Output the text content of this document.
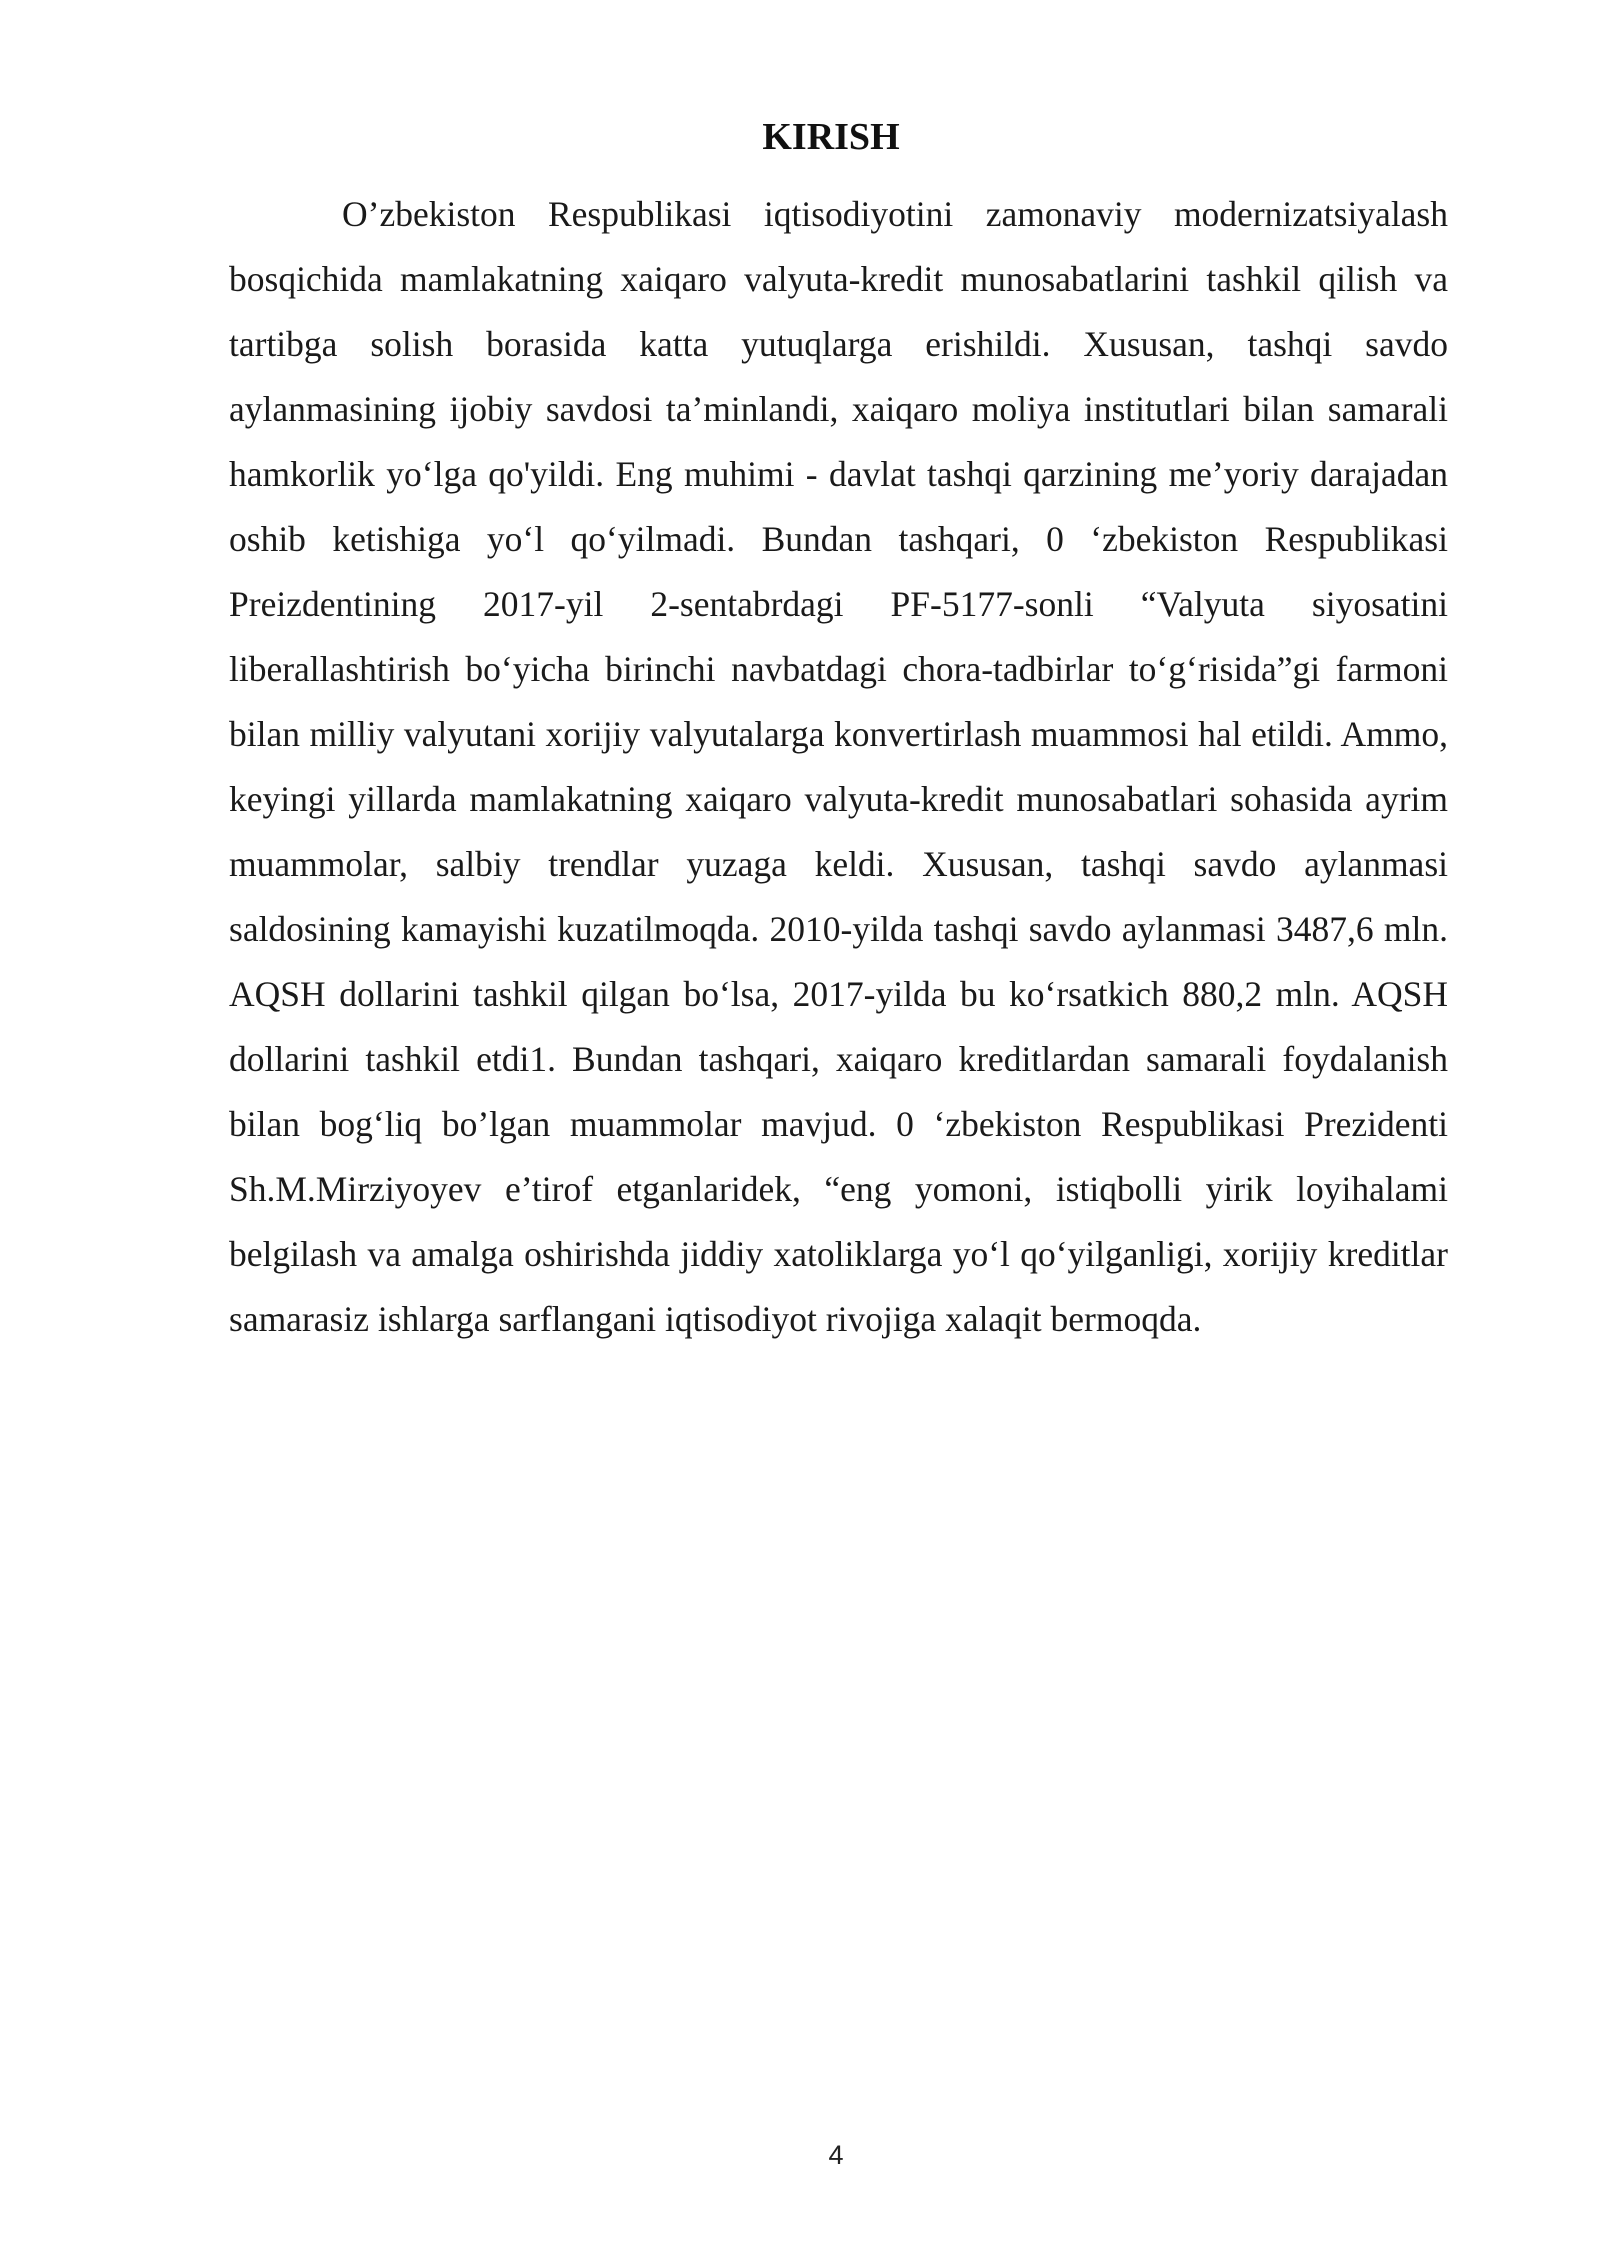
KIRISH

O’zbekiston Respublikasi iqtisodiyotini zamonaviy modernizatsiyalash bosqichida mamlakatning xaiqaro valyuta-kredit munosabatlarini tashkil qilish va tartibga solish borasida katta yutuqlarga erishildi. Xususan, tashqi savdo aylanmasining ijobiy savdosi ta’minlandi, xaiqaro moliya institutlari bilan samarali hamkorlik yo‘lga qo'yildi. Eng muhimi - davlat tashqi qarzining me’yoriy darajadan oshib ketishiga yo‘l qo‘yilmadi. Bundan tashqari, 0 ‘zbekiston Respublikasi Preizdentining 2017-yil 2-sentabrdagi PF-5177-sonli “Valyuta siyosatini liberallashtirish bo‘yicha birinchi navbatdagi chora-tadbirlar to‘g‘risida”gi farmoni bilan milliy valyutani xorijiy valyutalarga konvertirlash muammosi hal etildi. Ammo, keyingi yillarda mamlakatning xaiqaro valyuta-kredit munosabatlari sohasida ayrim muammolar, salbiy trendlar yuzaga keldi. Xususan, tashqi savdo aylanmasi saldosining kamayishi kuzatilmoqda. 2010-yilda tashqi savdo aylanmasi 3487,6 mln. AQSH dollarini tashkil qilgan bo‘lsa, 2017-yilda bu ko‘rsatkich 880,2 mln. AQSH dollarini tashkil etdi1. Bundan tashqari, xaiqaro kreditlardan samarali foydalanish bilan bog‘liq bo’lgan muammolar mavjud. 0 ‘zbekiston Respublikasi Prezidenti Sh.M.Mirziyoyev e’tirof etganlaridek, “eng yomoni, istiqbolli yirik loyihalami belgilash va amalga oshirishda jiddiy xatoliklarga yo‘l qo‘yilganligi, xorijiy kreditlar samarasiz ishlarga sarflangani iqtisodiyot rivojiga xalaqit bermoqda.

4
